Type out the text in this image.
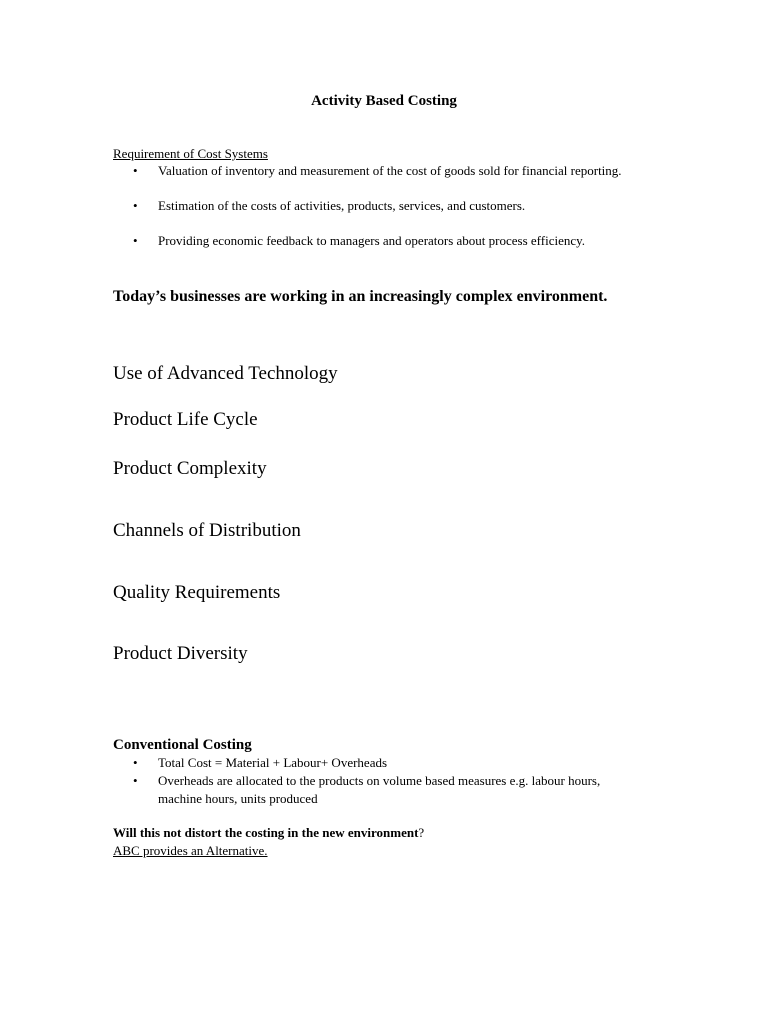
Activity Based Costing
Requirement of Cost Systems
• Valuation of inventory and measurement of the cost of goods sold for financial reporting.
• Estimation of the costs of activities, products, services, and customers.
• Providing economic feedback to managers and operators about process efficiency.
Today’s businesses are working in an increasingly complex environment.
Use of Advanced Technology
Product Life Cycle
Product Complexity
Channels of Distribution
Quality Requirements
Product Diversity
Conventional Costing
• Total Cost = Material + Labour+ Overheads
• Overheads are allocated to the products on volume based measures e.g. labour hours, machine hours, units produced
Will this not distort the costing in the new environment?
ABC provides an Alternative.
